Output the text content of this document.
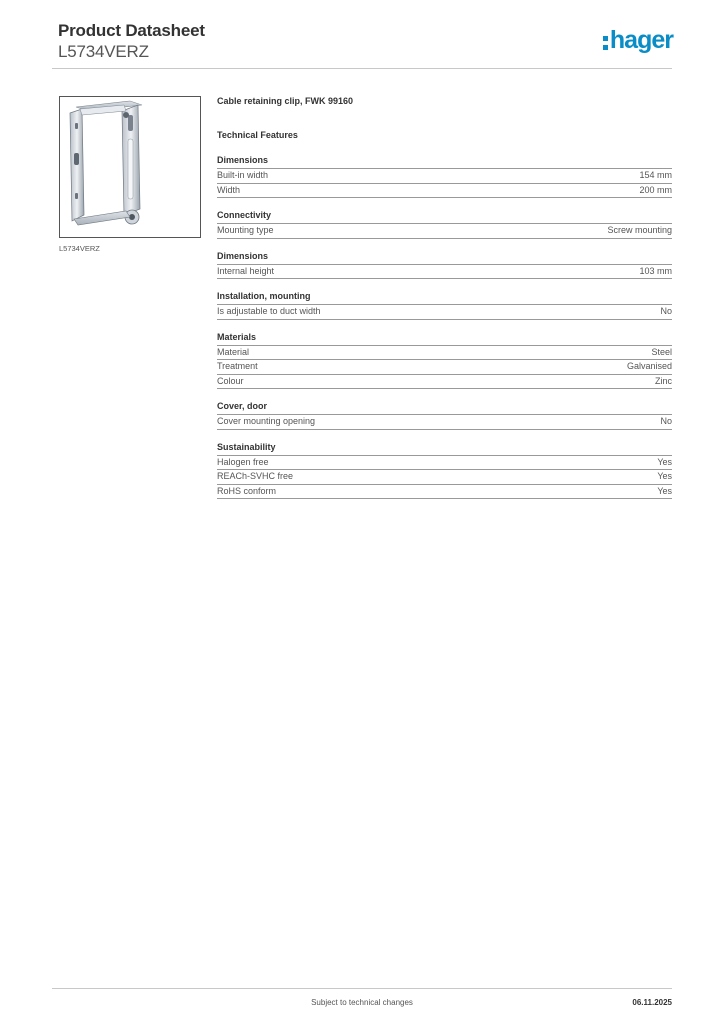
Product Datasheet
L5734VERZ	hager
L5734VERZ
Cable retaining clip, FWK 99160
Technical Features
Dimensions
Built-in width	154 mm
Width	200 mm
Connectivity
Mounting type	Screw mounting
Dimensions
Internal height	103 mm
Installation, mounting
Is adjustable to duct width	No
Materials
Material	Steel
Treatment	Galvanised
Colour	Zinc
Cover, door
Cover mounting opening	No
Sustainability
Halogen free	Yes
REACh-SVHC free	Yes
RoHS conform	Yes
Subject to technical changes	06.11.2025
